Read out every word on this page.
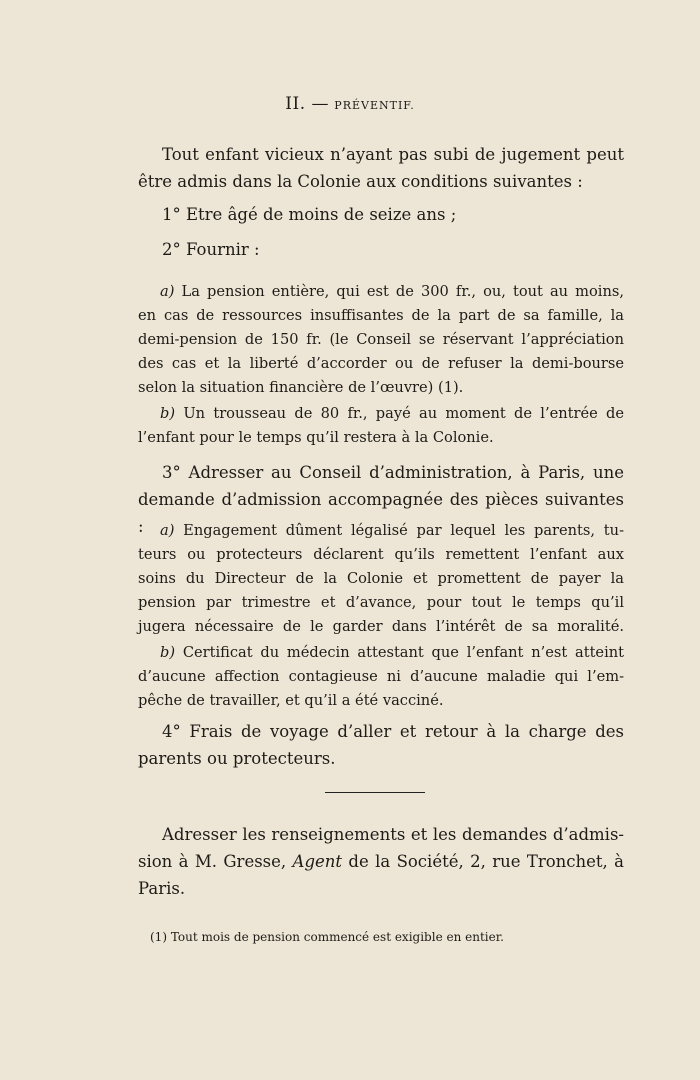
II. — PRÉVENTIF.
Tout enfant vicieux n’ayant pas subi de jugement peut
être admis dans la Colonie aux conditions suivantes :
1° Etre âgé de moins de seize ans ;
2° Fournir :
a) La pension entière, qui est de 300 fr., ou, tout au moins,
en cas de ressources insuffisantes de la part de sa famille, la
demi-pension de 150 fr. (le Conseil se réservant l’appréciation
des cas et la liberté d’accorder ou de refuser la demi-bourse
selon la situation financière de l’œuvre) (1).
b) Un trousseau de 80 fr., payé au moment de l’entrée de
l’enfant pour le temps qu’il restera à la Colonie.
3° Adresser au Conseil d’administration, à Paris, une
demande d’admission accompagnée des pièces suivantes :	a) Engagement dûment légalisé par lequel les parents, tu-
teurs ou protecteurs déclarent qu’ils remettent l’enfant aux
soins du Directeur de la Colonie et promettent de payer la
pension par trimestre et d’avance, pour tout le temps qu’il
jugera nécessaire de le garder dans l’intérêt de sa moralité.
b) Certificat du médecin attestant que l’enfant n’est atteint
d’aucune affection contagieuse ni d’aucune maladie qui l’em-
pêche de travailler, et qu’il a été vacciné.
4° Frais de voyage d’aller et retour à la charge des
parents ou protecteurs.
Adresser les renseignements et les demandes d’admis-
sion à M. Gresse, Agent de la Société, 2, rue Tronchet, à
Paris.
(1) Tout mois de pension commencé est exigible en entier.
